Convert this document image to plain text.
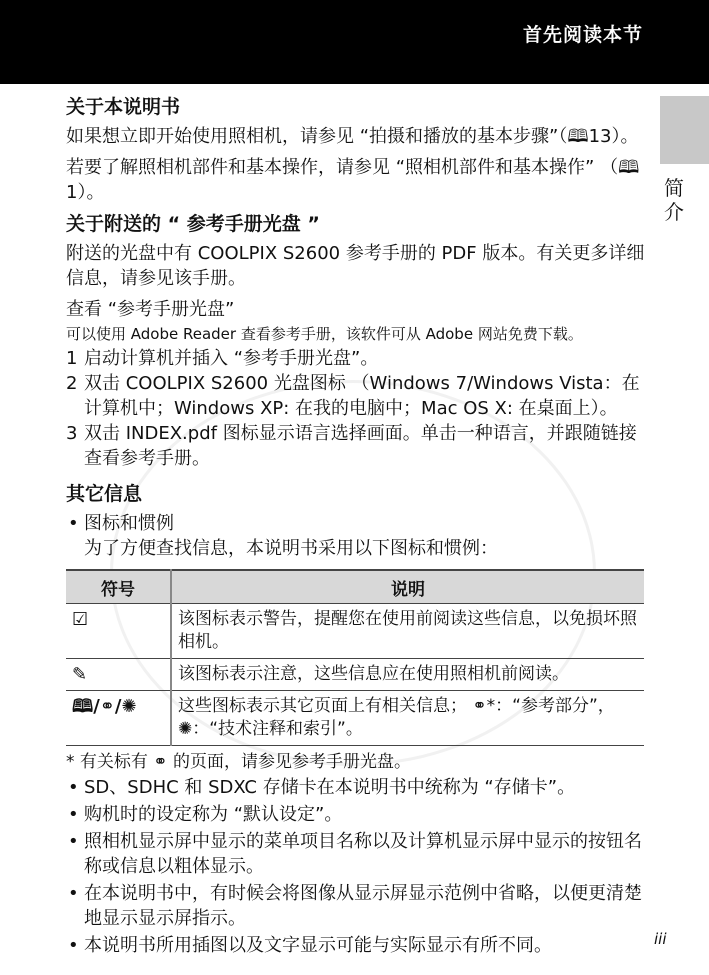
首先阅读本节
简介
关于本说明书

如果想立即开始使用照相机，请参见 “拍摄和播放的基本步骤”（🕮13）。

若要了解照相机部件和基本操作，请参见 “照相机部件和基本操作” （🕮1）。

关于附送的 “ 参考手册光盘 ”

附送的光盘中有 COOLPIX S2600 参考手册的 PDF 版本。有关更多详细信息，请参见该手册。

查看 “参考手册光盘”

可以使用 Adobe Reader 查看参考手册，该软件可从 Adobe 网站免费下载。

1 启动计算机并插入 “参考手册光盘”。
2 双击 COOLPIX S2600 光盘图标 （Windows 7/Windows Vista：在计算机中；Windows XP: 在我的电脑中；Mac OS X: 在桌面上）。
3 双击 INDEX.pdf 图标显示语言选择画面。单击一种语言，并跟随链接查看参考手册。
其它信息
• 图标和惯例
为了方便查找信息，本说明书采用以下图标和惯例：
符号	说明
☑	该图标表示警告，提醒您在使用前阅读这些信息，以免损坏照相机。
✎	该图标表示注意，这些信息应在使用照相机前阅读。
🕮/⚭/✺	这些图标表示其它页面上有相关信息； ⚭*：“参考部分”， ✺：“技术注释和索引”。

* 有关标有 ⚭ 的页面，请参见参考手册光盘。

• SD、SDHC 和 SDXC 存储卡在本说明书中统称为 “存储卡”。
• 购机时的设定称为 “默认设定”。
• 照相机显示屏中显示的菜单项目名称以及计算机显示屏中显示的按钮名称或信息以粗体显示。
• 在本说明书中，有时候会将图像从显示屏显示范例中省略，以便更清楚地显示显示屏指示。
• 本说明书所用插图以及文字显示可能与实际显示有所不同。	iii
